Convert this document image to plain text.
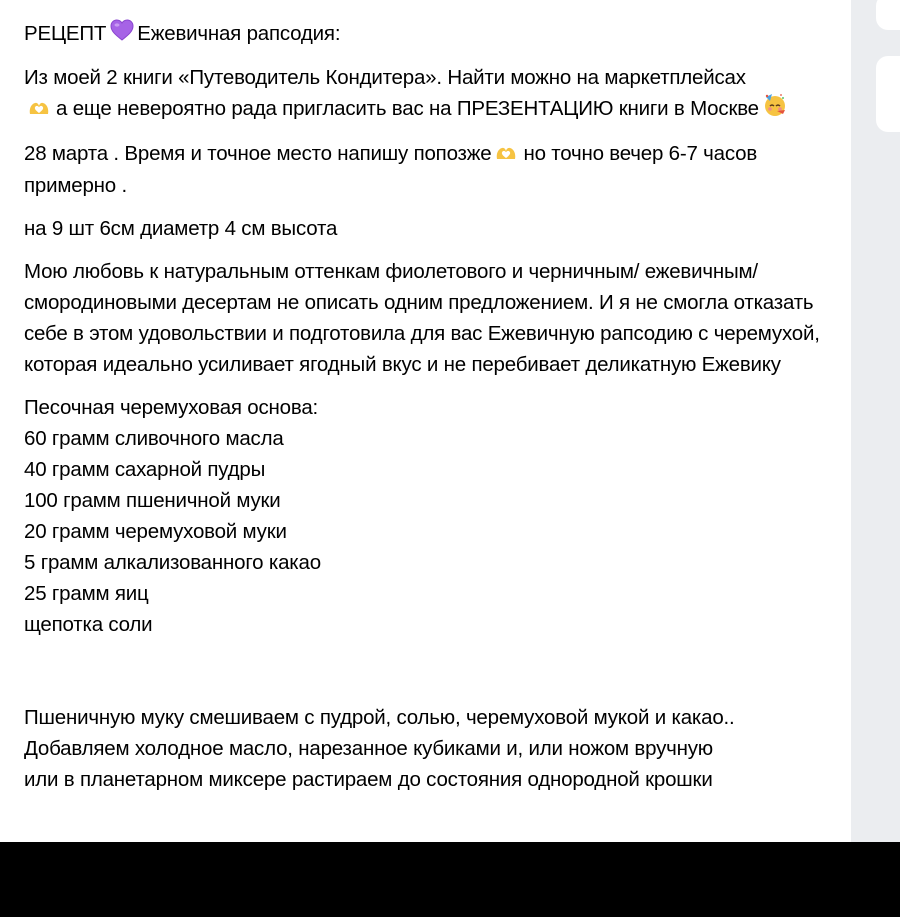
РЕЦЕПТ Ежевичная рапсодия:

Из моей 2 книги «Путеводитель Кондитера». Найти можно на маркетплейсах
а еще невероятно рада пригласить вас на ПРЕЗЕНТАЦИЮ книги в Москве

28 марта . Время и точное место напишу попозже но точно вечер 6-7 часов примерно .

на 9 шт 6см диаметр 4 см высота

Мою любовь к натуральным оттенкам фиолетового и черничным/ ежевичным/смородиновыми десертам не описать одним предложением. И я не смогла отказать себе в этом удовольствии и подготовила для вас Ежевичную рапсодию с черемухой, которая идеально усиливает ягодный вкус и не перебивает деликатную Ежевику

Песочная черемуховая основа:
60 грамм сливочного масла
40 грамм сахарной пудры
100 грамм пшеничной муки
20 грамм черемуховой муки
5 грамм алкализованного какао
25 грамм яиц
щепотка соли
Пшеничную муку смешиваем с пудрой, солью, черемуховой мукой и какао..
Добавляем холодное масло, нарезанное кубиками и, или ножом вручную
или в планетарном миксере растираем до состояния однородной крошки
